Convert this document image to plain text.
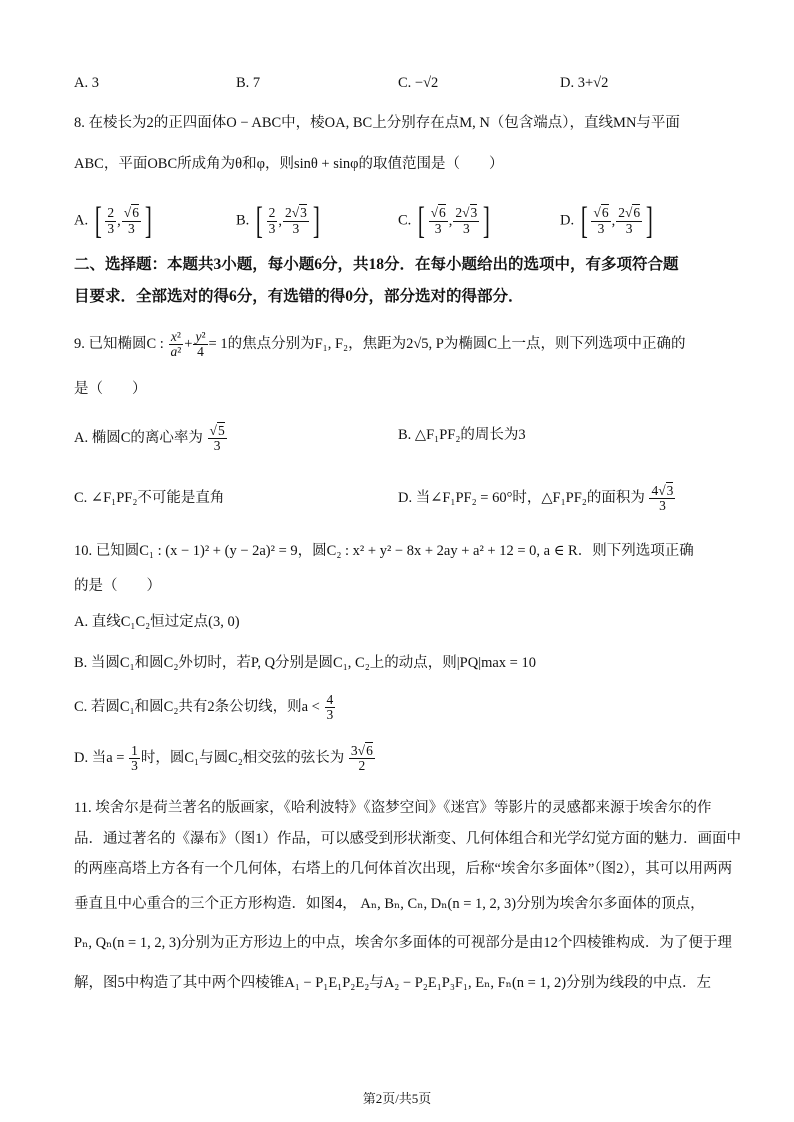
A. 3	B. 7	C. −√2	D. 3+√2
8. 在棱长为2的正四面体O − ABC中，棱OA, BC上分别存在点M, N（包含端点），直线MN与平面
ABC，平面OBC所成角为θ和φ，则sinθ + sinφ的取值范围是（　　）
A. [ $\frac{2}{3}$ , $\frac{√6}{3}$ ]	B. [ $\frac{2}{3}$ , $\frac{2√3}{3}$ ]	C. [ $\frac{√6}{3}$ , $\frac{2√3}{3}$ ]	D. [ $\frac{√6}{3}$ , $\frac{2√6}{3}$ ]
二、选择题：本题共3小题，每小题6分，共18分．在每小题给出的选项中，有多项符合题
目要求．全部选对的得6分，有选错的得0分，部分选对的得部分．
9. 已知椭圆C : $\frac{\text{x²}}{\text{a²}} + \frac{\text{y²}}{4} = 1$的焦点分别为F₁, F₂，焦距为2√5, P为椭圆C上一点，则下列选项中正确的
是（　　）
A. 椭圆C的离心率为 $\frac{√5}{3}$	B. △F₁PF₂的周长为3
C. ∠F₁PF₂不可能是直角	D. 当∠F₁PF₂ = 60°时，△F₁PF₂的面积为 $\frac{4√3}{3}$
10. 已知圆C₁ : (x − 1)² + (y − 2a)² = 9，圆C₂ : x² + y² − 8x + 2ay + a² + 12 = 0, a ∈ R．则下列选项正确
的是（　　）
A. 直线C₁C₂恒过定点(3, 0)
B. 当圆C₁和圆C₂外切时，若P, Q分别是圆C₁, C₂上的动点，则|PQ|max = 10
C. 若圆C₁和圆C₂共有2条公切线，则$a < \frac{4}{3}$
D. 当$a = \frac{1}{3}$ 时，圆C₁与圆C₂相交弦的弦长为 $\frac{3√6}{2}$
11. 埃舍尔是荷兰著名的版画家，《哈利波特》《盗梦空间》《迷宫》等影片的灵感都来源于埃舍尔的作
品．通过著名的《瀑布》（图1）作品，可以感受到形状渐变、几何体组合和光学幻觉方面的魅力．画面中
的两座高塔上方各有一个几何体，右塔上的几何体首次出现，后称“埃舍尔多面体”（图2），其可以用两两
垂直且中心重合的三个正方形构造．如图4， Aₙ, Bₙ, Cₙ, Dₙ(n = 1, 2, 3)分别为埃舍尔多面体的顶点，
Pₙ, Qₙ(n = 1, 2, 3)分别为正方形边上的中点，埃舍尔多面体的可视部分是由12个四棱锥构成．为了便于理
解，图5中构造了其中两个四棱锥A₁ − P₁E₁P₂E₂与A₂ − P₂E₁P₃F₁, Eₙ, Fₙ(n = 1, 2)分别为线段的中点．左
第2页/共5页
